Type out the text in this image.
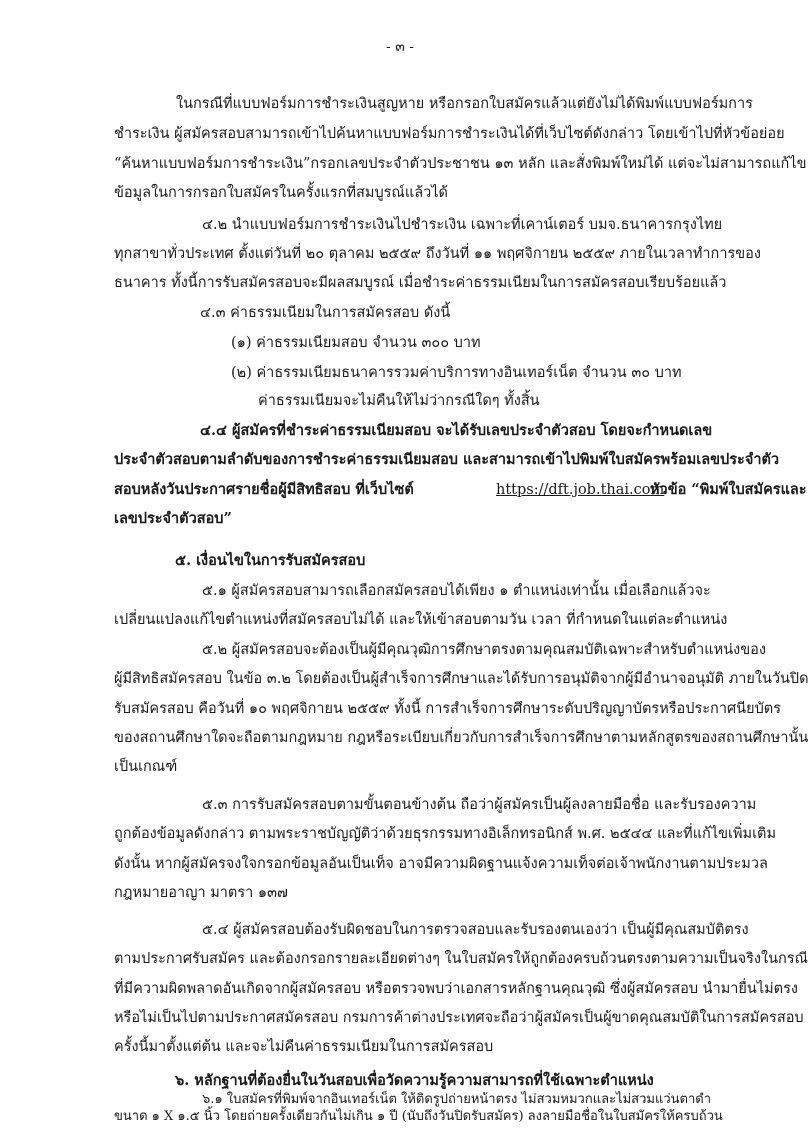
- ๓ -
ในกรณีที่แบบฟอร์มการชำระเงินสูญหาย หรือกรอกใบสมัครแล้วแต่ยังไม่ได้พิมพ์แบบฟอร์มการ
ชำระเงิน ผู้สมัครสอบสามารถเข้าไปค้นหาแบบฟอร์มการชำระเงินได้ที่เว็บไซต์ดังกล่าว โดยเข้าไปที่หัวข้อย่อย
“ค้นหาแบบฟอร์มการชำระเงิน”กรอกเลขประจำตัวประชาชน ๑๓ หลัก และสั่งพิมพ์ใหม่ได้ แต่จะไม่สามารถแก้ไข
ข้อมูลในการกรอกใบสมัครในครั้งแรกที่สมบูรณ์แล้วได้
๔.๒ นำแบบฟอร์มการชำระเงินไปชำระเงิน เฉพาะที่เคาน์เตอร์ บมจ.ธนาคารกรุงไทย
ทุกสาขาทั่วประเทศ ตั้งแต่วันที่ ๒๐ ตุลาคม ๒๕๕๙ ถึงวันที่ ๑๑ พฤศจิกายน ๒๕๕๙ ภายในเวลาทำการของ
ธนาคาร ทั้งนี้การรับสมัครสอบจะมีผลสมบูรณ์ เมื่อชำระค่าธรรมเนียมในการสมัครสอบเรียบร้อยแล้ว
๔.๓ ค่าธรรมเนียมในการสมัครสอบ ดังนี้
(๑) ค่าธรรมเนียมสอบ จำนวน ๓๐๐ บาท
(๒) ค่าธรรมเนียมธนาคารรวมค่าบริการทางอินเทอร์เน็ต จำนวน ๓๐ บาท
ค่าธรรมเนียมจะไม่คืนให้ไม่ว่ากรณีใดๆ ทั้งสิ้น
๔.๔ ผู้สมัครที่ชำระค่าธรรมเนียมสอบ จะได้รับเลขประจำตัวสอบ โดยจะกำหนดเลข
ประจำตัวสอบตามลำดับของการชำระค่าธรรมเนียมสอบ และสามารถเข้าไปพิมพ์ใบสมัครพร้อมเลขประจำตัว
สอบหลังวันประกาศรายชื่อผู้มีสิทธิสอบ ที่เว็บไซต์	https://dft.job.thai.com
หัวข้อ “พิมพ์ใบสมัครและ
เลขประจำตัวสอบ”
๕. เงื่อนไขในการรับสมัครสอบ
๕.๑ ผู้สมัครสอบสามารถเลือกสมัครสอบได้เพียง ๑ ตำแหน่งเท่านั้น เมื่อเลือกแล้วจะ
เปลี่ยนแปลงแก้ไขตำแหน่งที่สมัครสอบไม่ได้ และให้เข้าสอบตามวัน เวลา ที่กำหนดในแต่ละตำแหน่ง
๕.๒ ผู้สมัครสอบจะต้องเป็นผู้มีคุณวุฒิการศึกษาตรงตามคุณสมบัติเฉพาะสำหรับตำแหน่งของ
ผู้มีสิทธิสมัครสอบ ในข้อ ๓.๒ โดยต้องเป็นผู้สำเร็จการศึกษาและได้รับการอนุมัติจากผู้มีอำนาจอนุมัติ ภายในวันปิด
รับสมัครสอบ คือวันที่ ๑๐ พฤศจิกายน ๒๕๕๙ ทั้งนี้ การสำเร็จการศึกษาระดับปริญญาบัตรหรือประกาศนียบัตร
ของสถานศึกษาใดจะถือตามกฎหมาย กฎหรือระเบียบเกี่ยวกับการสำเร็จการศึกษาตามหลักสูตรของสถานศึกษานั้น
เป็นเกณฑ์
๕.๓ การรับสมัครสอบตามขั้นตอนข้างต้น ถือว่าผู้สมัครเป็นผู้ลงลายมือชื่อ และรับรองความ
ถูกต้องข้อมูลดังกล่าว ตามพระราชบัญญัติว่าด้วยธุรกรรมทางอิเล็กทรอนิกส์ พ.ศ. ๒๕๔๔ และที่แก้ไขเพิ่มเติม
ดังนั้น หากผู้สมัครจงใจกรอกข้อมูลอันเป็นเท็จ อาจมีความผิดฐานแจ้งความเท็จต่อเจ้าพนักงานตามประมวล
กฎหมายอาญา มาตรา ๑๓๗
๕.๔ ผู้สมัครสอบต้องรับผิดชอบในการตรวจสอบและรับรองตนเองว่า เป็นผู้มีคุณสมบัติตรง
ตามประกาศรับสมัคร และต้องกรอกรายละเอียดต่างๆ ในใบสมัครให้ถูกต้องครบถ้วนตรงตามความเป็นจริงในกรณี
ที่มีความผิดพลาดอันเกิดจากผู้สมัครสอบ หรือตรวจพบว่าเอกสารหลักฐานคุณวุฒิ ซึ่งผู้สมัครสอบ นำมายื่นไม่ตรง
หรือไม่เป็นไปตามประกาศสมัครสอบ กรมการค้าต่างประเทศจะถือว่าผู้สมัครเป็นผู้ขาดคุณสมบัติในการสมัครสอบ
ครั้งนี้มาตั้งแต่ต้น และจะไม่คืนค่าธรรมเนียมในการสมัครสอบ
๖. หลักฐานที่ต้องยื่นในวันสอบเพื่อวัดความรู้ความสามารถที่ใช้เฉพาะตำแหน่ง
๖.๑ ใบสมัครที่พิมพ์จากอินเทอร์เน็ต ให้ติดรูปถ่ายหน้าตรง ไม่สวมหมวกและไม่สวมแว่นตาดำ
ขนาด ๑ X ๑.๕ นิ้ว โดยถ่ายครั้งเดียวกันไม่เกิน ๑ ปี (นับถึงวันปิดรับสมัคร) ลงลายมือชื่อในใบสมัครให้ครบถ้วน
